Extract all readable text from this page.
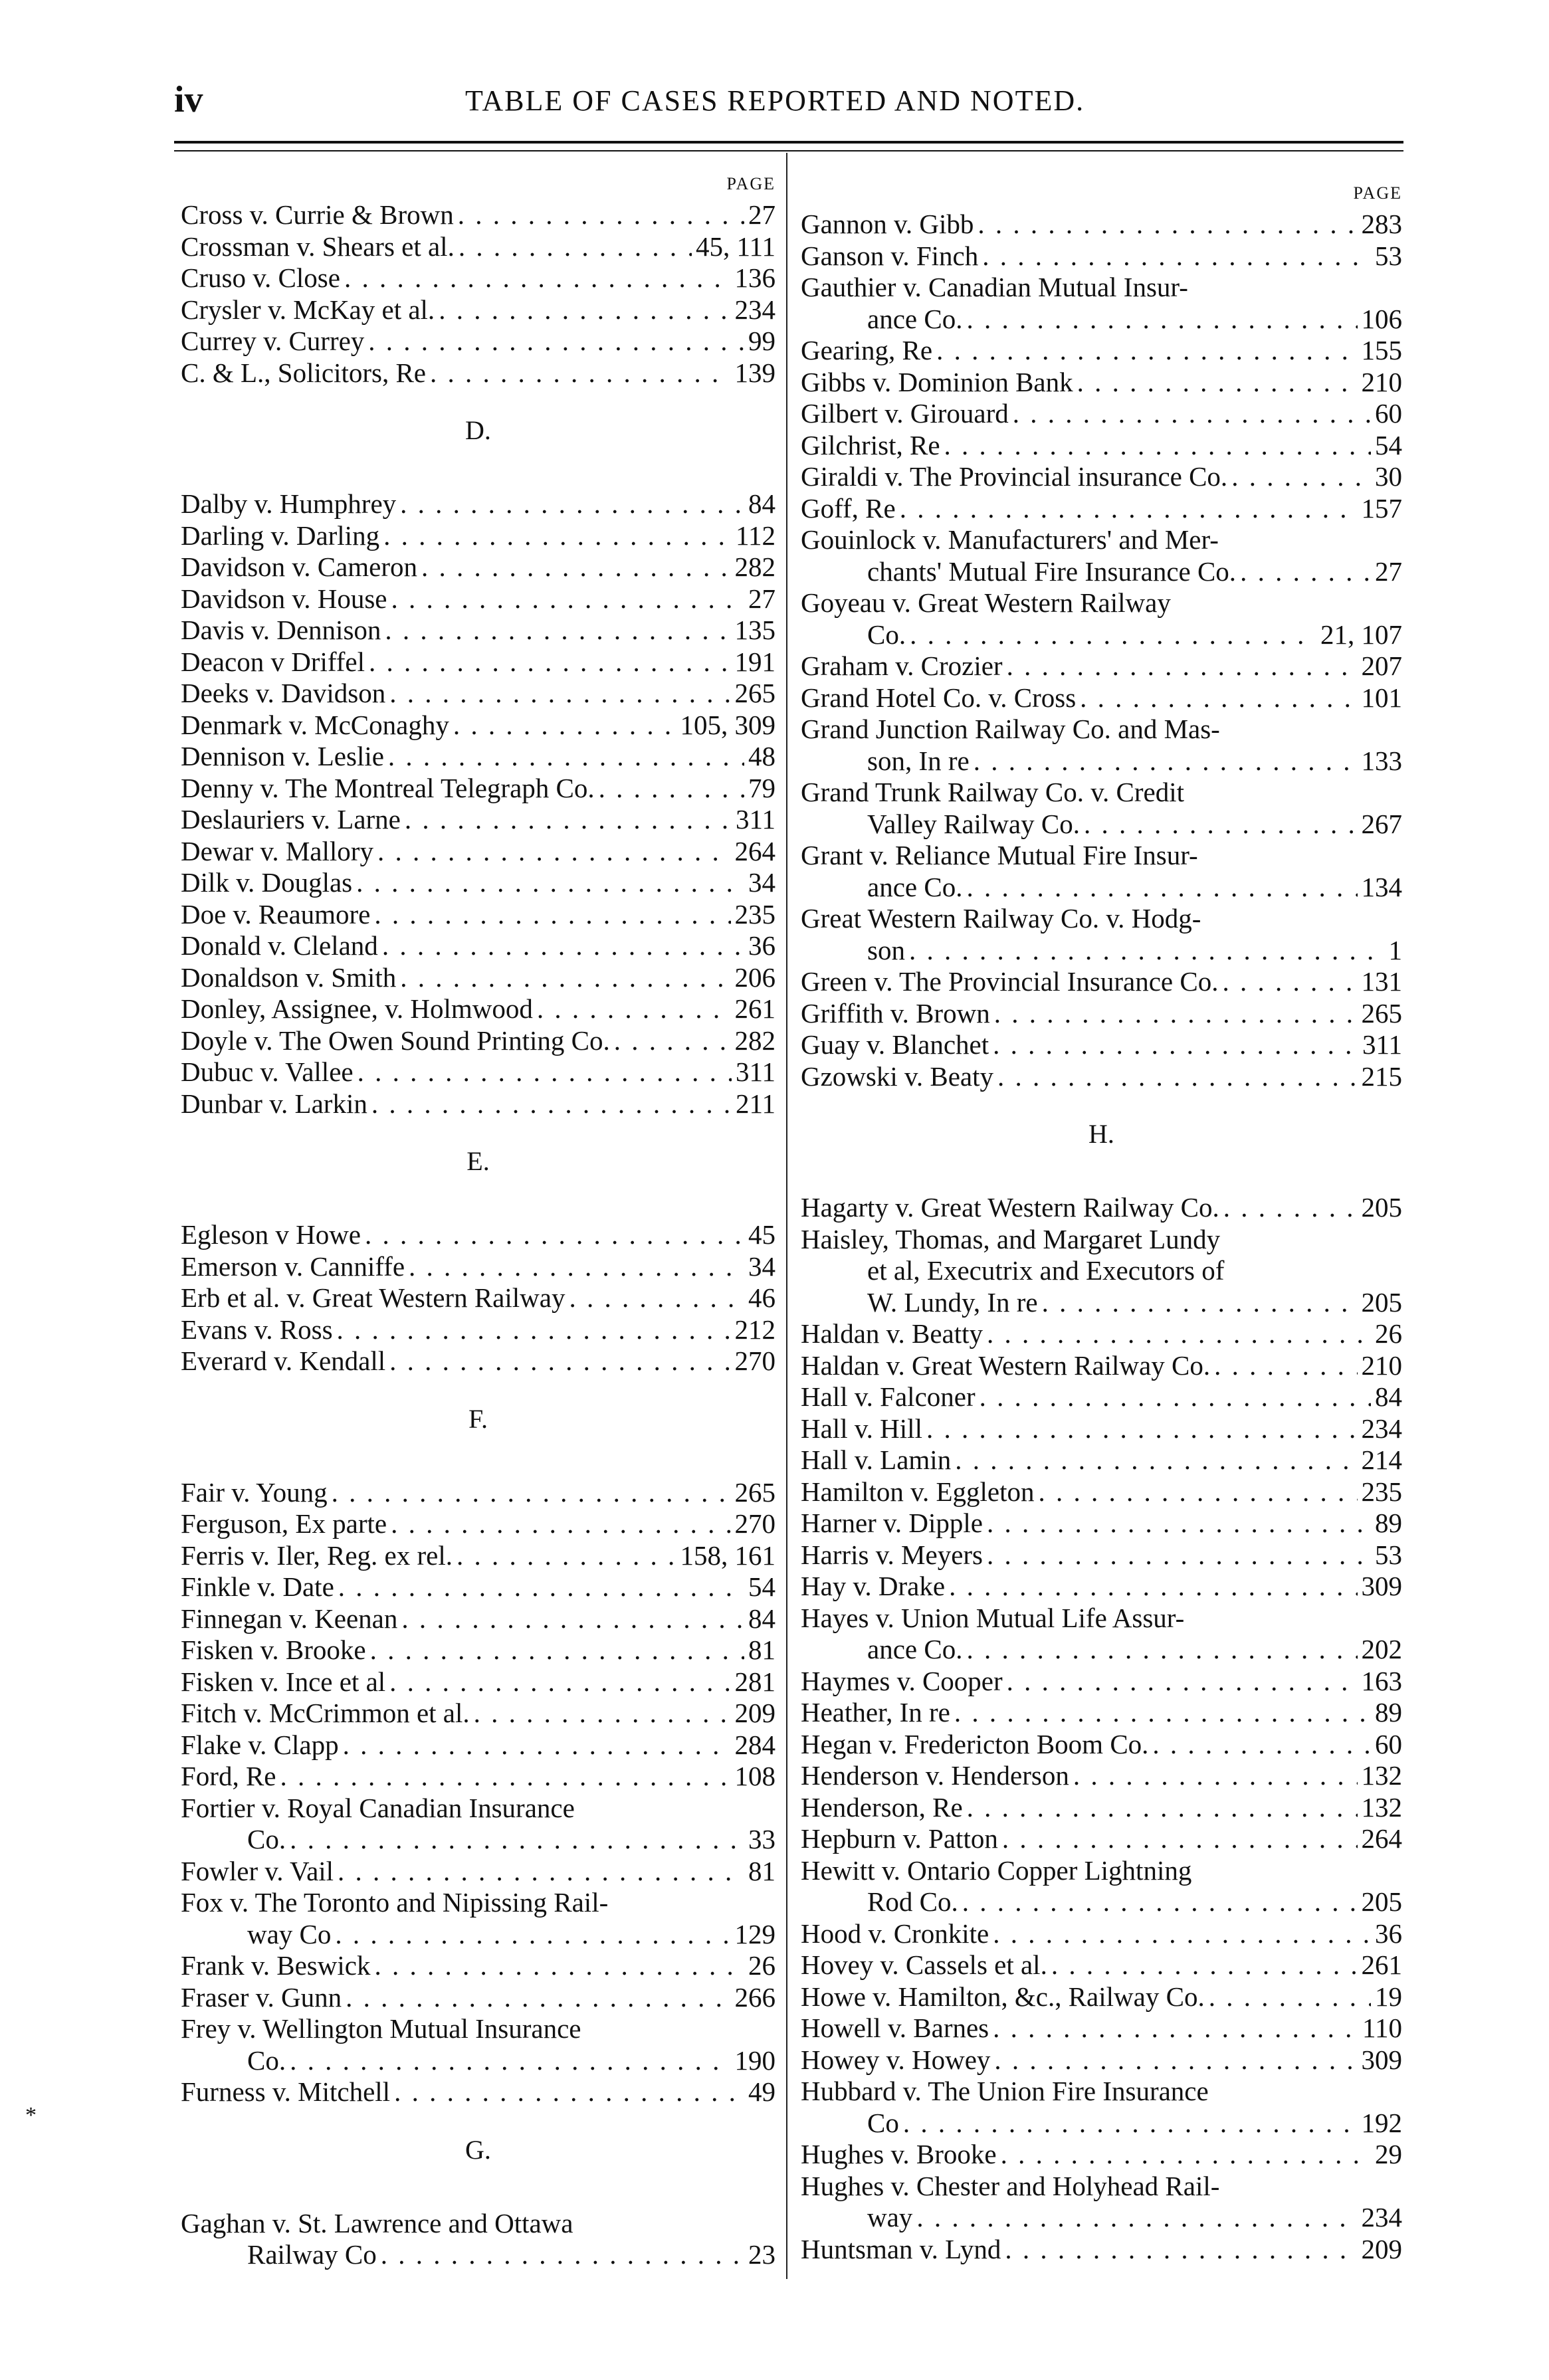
iv	TABLE OF CASES REPORTED AND NOTED.
*
PAGE
Cross v. Currie & Brown . . .	27
Crossman v. Shears et al. . . .	45, 111
Cruso v. Close . . .	136
Crysler v. McKay et al. . . .	234
Currey v. Currey . . .	99
C. & L., Solicitors, Re . . .	139
D.
Dalby v. Humphrey . . .	84
Darling v. Darling . . .	112
Davidson v. Cameron . . .	282
Davidson v. House . . .	27
Davis v. Dennison . . .	135
Deacon v Driffel . . .	191
Deeks v. Davidson . . .	265
Denmark v. McConaghy . . .	105, 309
Dennison v. Leslie . . .	48
Denny v. The Montreal Telegraph Co. . . .	79
Deslauriers v. Larne . . .	311
Dewar v. Mallory . . .	264
Dilk v. Douglas . . .	34
Doe v. Reaumore . . .	235
Donald v. Cleland . . .	36
Donaldson v. Smith . . .	206
Donley, Assignee, v. Holmwood . . .	261
Doyle v. The Owen Sound Printing Co. . . .	282
Dubuc v. Vallee . . .	311
Dunbar v. Larkin . . .	211
E.
Egleson v Howe . . .	45
Emerson v. Canniffe . . .	34
Erb et al. v. Great Western Railway . . .	46
Evans v. Ross . . .	212
Everard v. Kendall . . .	270
F.
Fair v. Young . . .	265
Ferguson, Ex parte . . .	270
Ferris v. Iler, Reg. ex rel. . . .	158, 161
Finkle v. Date . . .	54
Finnegan v. Keenan . . .	84
Fisken v. Brooke . . .	81
Fisken v. Ince et al . . .	281
Fitch v. McCrimmon et al. . . .	209
Flake v. Clapp . . .	284
Ford, Re . . .	108
Fortier v. Royal Canadian Insurance
Co. . . .	33
Fowler v. Vail . . .	81
Fox v. The Toronto and Nipissing Rail-
way Co . . .	129
Frank v. Beswick . . .	26
Fraser v. Gunn . . .	266
Frey v. Wellington Mutual Insurance
Co. . . .	190
Furness v. Mitchell . . .	49
G.
Gaghan v. St. Lawrence and Ottawa
Railway Co . . .	23
PAGE
Gannon v. Gibb . . .	283
Ganson v. Finch . . .	53
Gauthier v. Canadian Mutual Insur-
ance Co. . . .	106
Gearing, Re . . .	155
Gibbs v. Dominion Bank . . .	210
Gilbert v. Girouard . . .	60
Gilchrist, Re . . .	54
Giraldi v. The Provincial insurance Co. . . .	30
Goff, Re . . .	157
Gouinlock v. Manufacturers' and Mer-
chants' Mutual Fire Insurance Co. . . .	27
Goyeau v. Great Western Railway
Co. . . .	21, 107
Graham v. Crozier . . .	207
Grand Hotel Co. v. Cross . . .	101
Grand Junction Railway Co. and Mas-
son, In re . . .	133
Grand Trunk Railway Co. v. Credit
Valley Railway Co. . . .	267
Grant v. Reliance Mutual Fire Insur-
ance Co. . . .	134
Great Western Railway Co. v. Hodg-
son . . .	1
Green v. The Provincial Insurance Co. . . .	131
Griffith v. Brown . . .	265
Guay v. Blanchet . . .	311
Gzowski v. Beaty . . .	215
H.
Hagarty v. Great Western Railway Co. . . .	205
Haisley, Thomas, and Margaret Lundy
et al, Executrix and Executors of
W. Lundy, In re . . .	205
Haldan v. Beatty . . .	26
Haldan v. Great Western Railway Co. . . .	210
Hall v. Falconer . . .	84
Hall v. Hill . . .	234
Hall v. Lamin . . .	214
Hamilton v. Eggleton . . .	235
Harner v. Dipple . . .	89
Harris v. Meyers . . .	53
Hay v. Drake . . .	309
Hayes v. Union Mutual Life Assur-
ance Co. . . .	202
Haymes v. Cooper . . .	163
Heather, In re . . .	89
Hegan v. Fredericton Boom Co. . . .	60
Henderson v. Henderson . . .	132
Henderson, Re . . .	132
Hepburn v. Patton . . .	264
Hewitt v. Ontario Copper Lightning
Rod Co. . . .	205
Hood v. Cronkite . . .	36
Hovey v. Cassels et al. . . .	261
Howe v. Hamilton, &c., Railway Co. . . .	19
Howell v. Barnes . . .	110
Howey v. Howey . . .	309
Hubbard v. The Union Fire Insurance
Co . . .	192
Hughes v. Brooke . . .	29
Hughes v. Chester and Holyhead Rail-
way . . .	234
Huntsman v. Lynd . . .	209
